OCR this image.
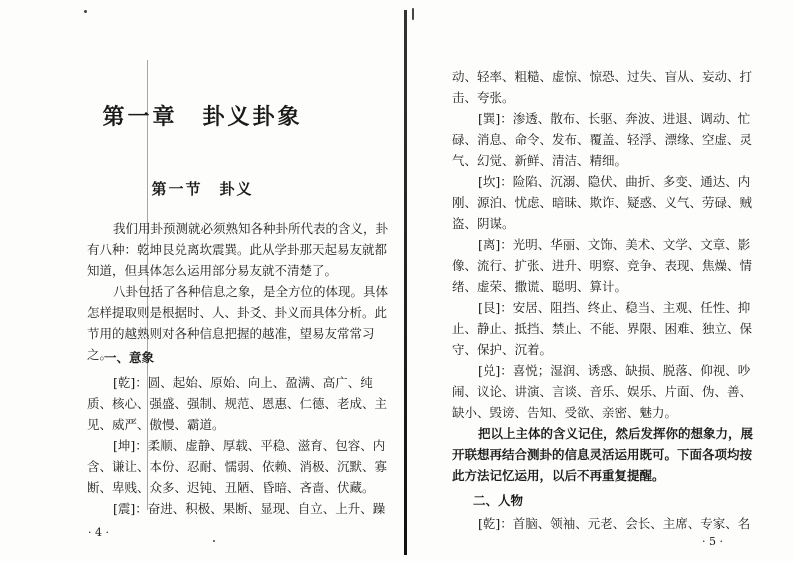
第一章　卦义卦象
第一节　卦义
我们用卦预测就必须熟知各种卦所代表的含义，卦
有八种：乾坤艮兑离坎震巽。此从学卦那天起易友就都
知道，但具体怎么运用部分易友就不清楚了。
八卦包括了各种信息之象，是全方位的体现。具体
怎样提取则是根据时、人、卦爻、卦义而具体分析。此
节用的越熟则对各种信息把握的越准，望易友常常习
之。
一、意象
[乾]：圆、起始、原始、向上、盈满、高广、纯
质、核心、强盛、强制、规范、恩惠、仁德、老成、主
见、威严、傲慢、霸道。
[坤]：柔顺、虚静、厚载、平稳、滋育、包容、内
含、谦让、本份、忍耐、懦弱、依赖、消极、沉默、寡
断、卑贱、众多、迟钝、丑陋、昏暗、吝啬、伏藏。
[震]：奋进、积极、果断、显现、自立、上升、躁
· 4 ·
动、轻率、粗糙、虚惊、惊恐、过失、盲从、妄动、打
击、夸张。
[巽]：渗透、散布、长驱、奔波、进退、调动、忙
碌、消息、命令、发布、覆盖、轻浮、漂缘、空虚、灵
气、幻觉、新鲜、清洁、精细。
[坎]：险陷、沉溺、隐伏、曲折、多变、通达、内
刚、源泊、忧虑、暗昧、欺诈、疑惑、义气、劳碌、贼
盗、阴谋。
[离]：光明、华丽、文饰、美术、文学、文章、影
像、流行、扩张、进升、明察、竞争、表现、焦燥、情
绪、虚荣、撒谎、聪明、算计。
[艮]：安居、阻挡、终止、稳当、主观、任性、抑
止、静止、抵挡、禁止、不能、界限、困难、独立、保
守、保护、沉着。
[兑]：喜悦；湿润、诱惑、缺损、脱落、仰视、吵
闹、议论、讲演、言谈、音乐、娱乐、片面、伪、善、
缺小、毁谤、告知、受欲、亲密、魅力。
把以上主体的含义记住，然后发挥你的想象力，展
开联想再结合测卦的信息灵活运用既可。下面各项均按
此方法记忆运用，以后不再重复提醒。
二、人物
[乾]：首脑、领袖、元老、会长、主席、专家、名
· 5 ·
